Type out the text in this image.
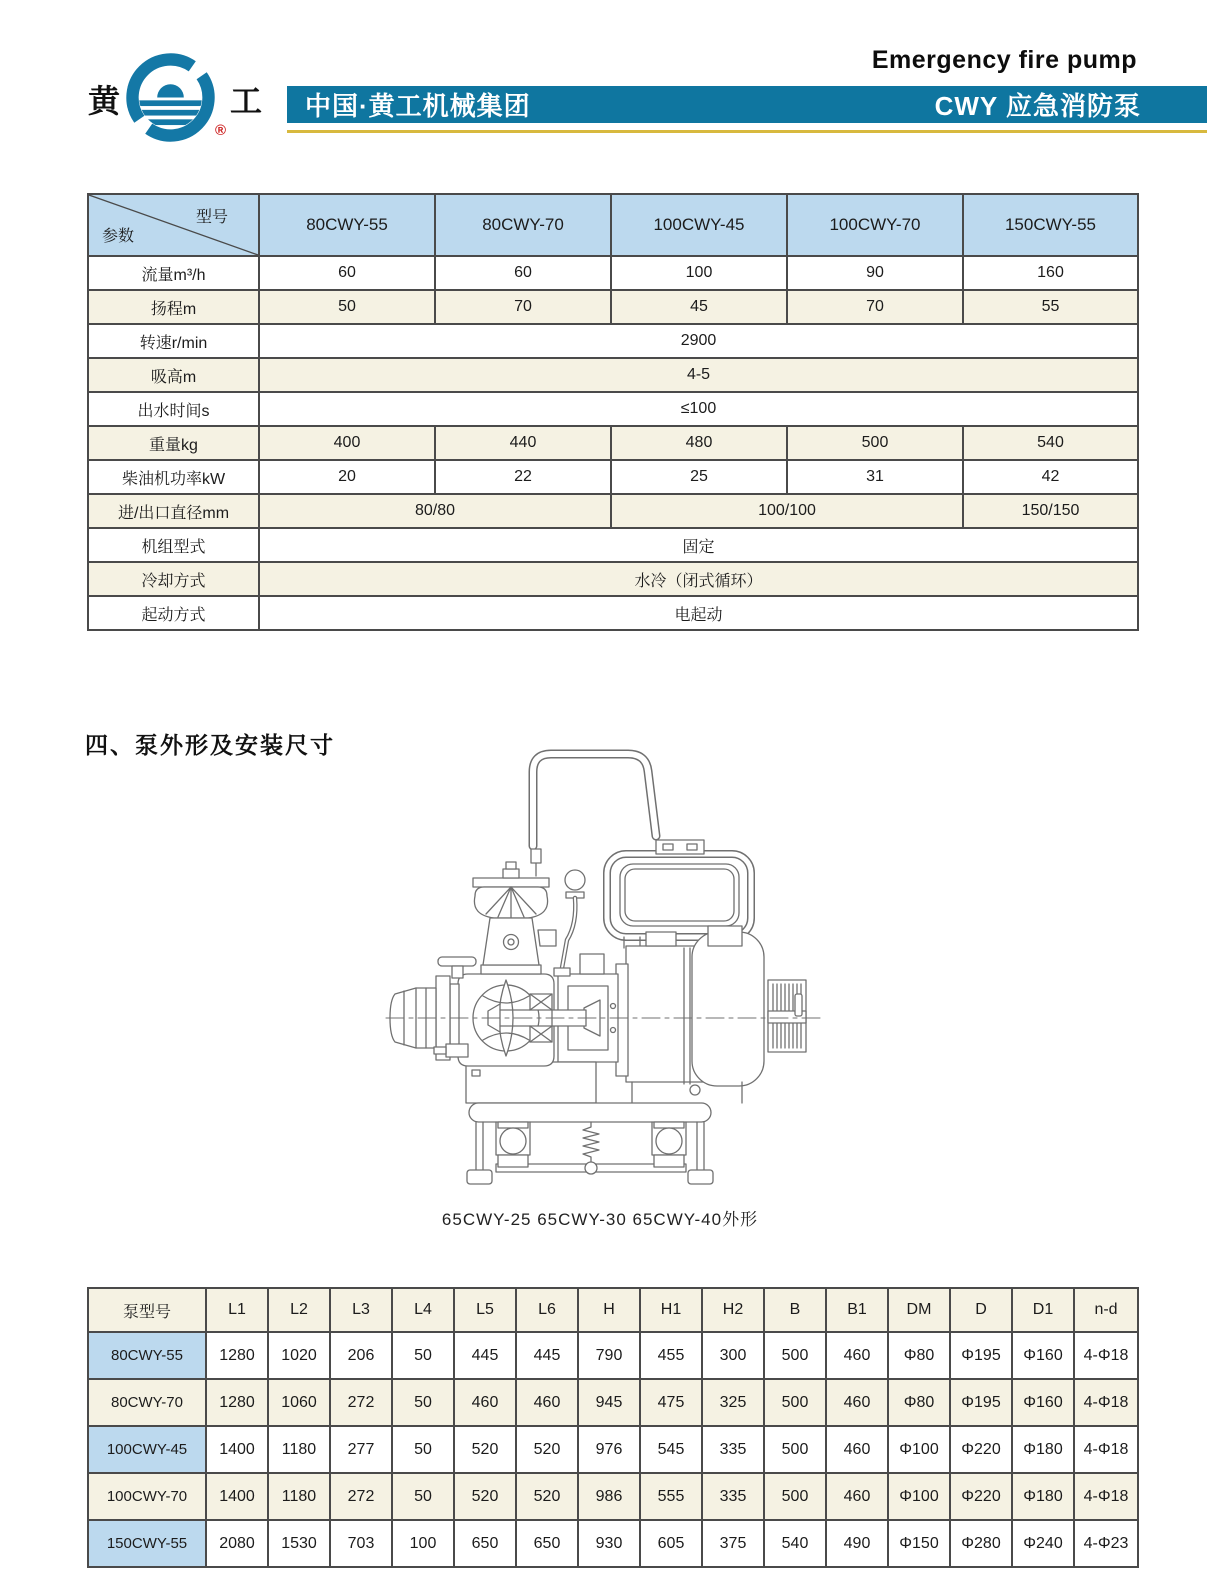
黄	工
®
Emergency fire pump
中国·黄工机械集团	CWY 应急消防泵
型号
参数	80CWY-55	80CWY-70	100CWY-45	100CWY-70	150CWY-55
流量m³/h	60	60	100	90	160
扬程m	50	70	45	70	55
转速r/min	2900				
吸高m	4-5				
出水时间s	≤100				
重量kg	400	440	480	500	540
柴油机功率kW	20	22	25	31	42
进/出口直径mm	80/80		100/100		150/150
机组型式	固定				
冷却方式	水冷（闭式循环）				
起动方式	电起动				
四、泵外形及安装尺寸
65CWY-25 65CWY-30 65CWY-40外形
泵型号	L1	L2	L3	L4	L5	L6	H	H1	H2	B	B1	DM	D	D1	n-d
80CWY-55	1280	1020	206	50	445	445	790	455	300	500	460	Φ80	Φ195	Φ160	4-Φ18
80CWY-70	1280	1060	272	50	460	460	945	475	325	500	460	Φ80	Φ195	Φ160	4-Φ18
100CWY-45	1400	1180	277	50	520	520	976	545	335	500	460	Φ100	Φ220	Φ180	4-Φ18
100CWY-70	1400	1180	272	50	520	520	986	555	335	500	460	Φ100	Φ220	Φ180	4-Φ18
150CWY-55	2080	1530	703	100	650	650	930	605	375	540	490	Φ150	Φ280	Φ240	4-Φ23
